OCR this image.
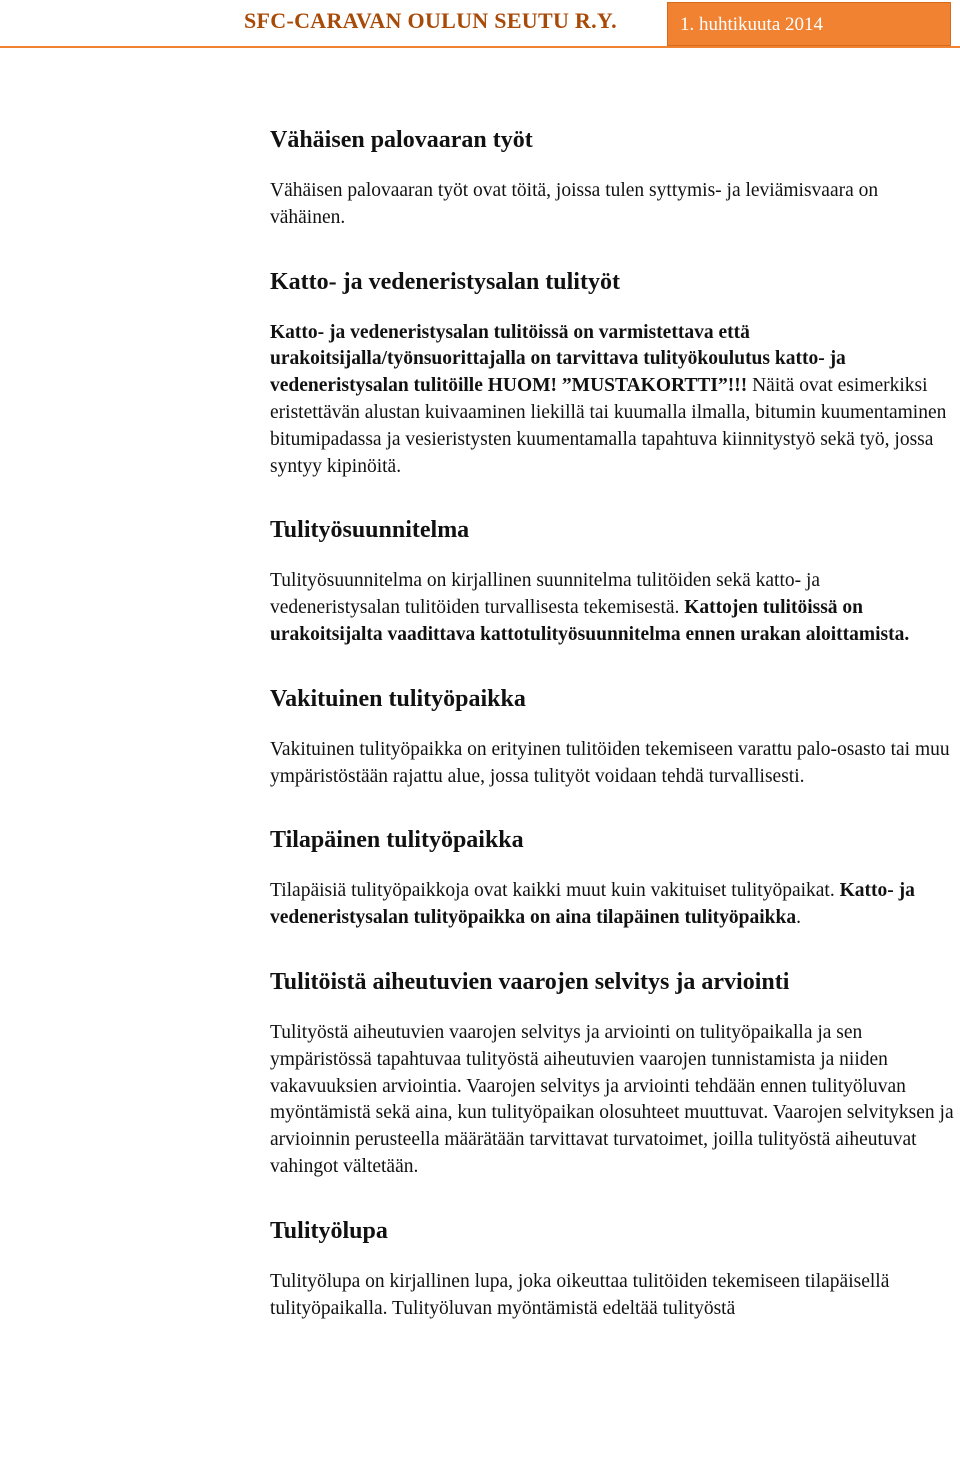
SFC-CARAVAN OULUN SEUTU R.Y.	1. huhtikuuta 2014
Vähäisen palovaaran työt

Vähäisen palovaaran työt ovat töitä, joissa tulen syttymis- ja leviämisvaara on vähäinen.

Katto- ja vedeneristysalan tulityöt

Katto- ja vedeneristysalan tulitöissä on varmistettava että urakoitsijalla/työnsuorittajalla on tarvittava tulityökoulutus katto- ja vedeneristysalan tulitöille HUOM! ”MUSTAKORTTI”!!! Näitä ovat esimerkiksi eristettävän alustan kuivaaminen liekillä tai kuumalla ilmalla, bitumin kuumentaminen bitumipadassa ja vesieristysten kuumentamalla tapahtuva kiinnitystyö sekä työ, jossa syntyy kipinöitä.

Tulityösuunnitelma

Tulityösuunnitelma on kirjallinen suunnitelma tulitöiden sekä katto- ja vedeneristysalan tulitöiden turvallisesta tekemisestä. Kattojen tulitöissä on urakoitsijalta vaadittava kattotulityösuunnitelma ennen urakan aloittamista.

Vakituinen tulityöpaikka

Vakituinen tulityöpaikka on erityinen tulitöiden tekemiseen varattu palo-osasto tai muu ympäristöstään rajattu alue, jossa tulityöt voidaan tehdä turvallisesti.

Tilapäinen tulityöpaikka

Tilapäisiä tulityöpaikkoja ovat kaikki muut kuin vakituiset tulityöpaikat. Katto- ja vedeneristysalan tulityöpaikka on aina tilapäinen tulityöpaikka.

Tulitöistä aiheutuvien vaarojen selvitys ja arviointi

Tulityöstä aiheutuvien vaarojen selvitys ja arviointi on tulityöpaikalla ja sen ympäristössä tapahtuvaa tulityöstä aiheutuvien vaarojen tunnistamista ja niiden vakavuuksien arviointia. Vaarojen selvitys ja arviointi tehdään ennen tulityöluvan myöntämistä sekä aina, kun tulityöpaikan olosuhteet muuttuvat. Vaarojen selvityksen ja arvioinnin perusteella määrätään tarvittavat turvatoimet, joilla tulityöstä aiheutuvat vahingot vältetään.

Tulityölupa

Tulityölupa on kirjallinen lupa, joka oikeuttaa tulitöiden tekemiseen tilapäisellä tulityöpaikalla. Tulityöluvan myöntämistä edeltää tulityöstä
